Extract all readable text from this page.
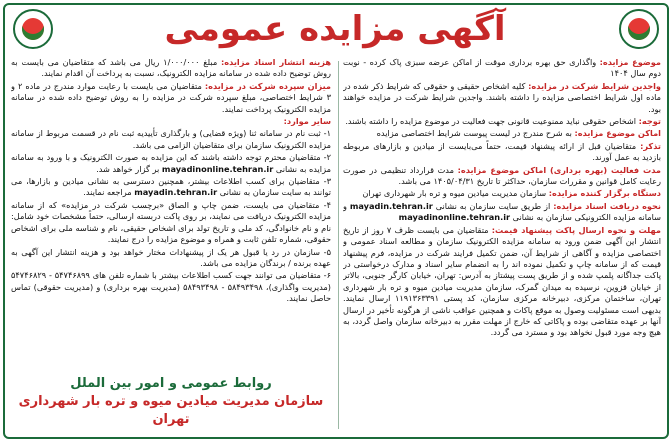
آگهی مزایده عمومی

موضوع مزایده: واگذاری حق بهره برداری موقت از اماکن عرضه سبزی پاک کرده - نوبت دوم سال ۱۴۰۴

واجدین شرایط شرکت در مزایده: کلیه اشخاص حقیقی و حقوقی که شرایط ذکر شده در ماده اول شرایط اختصاصی مزایده را داشته باشند. واجدین شرایط شرکت در مزایده خواهند بود.

توجه: اشخاص حقوقی نباید ممنوعیت قانونی جهت فعالیت در موضوع مزایده را داشته باشند.

اماکن موضوع مزایده: به شرح مندرج در لیست پیوست شرایط اختصاصی مزایده

تذکر: متقاضیان قبل از ارائه پیشنهاد قیمت، حتماً می‌بایست از میادین و بازارهای مربوطه بازدید به عمل آورند.

مدت فعالیت (بهره برداری) اماکن موضوع مزایده: مدت قرارداد تنظیمی در صورت رعایت کامل قوانین و مقررات سازمان، حداکثر تا تاریخ ۱۴۰۵/۰۴/۳۱ می باشد.

دستگاه برگزار کننده مزایده: سازمان مدیریت میادین میوه و تره بار شهرداری تهران

نحوه دریافت اسناد مزایده: از طریق سایت سازمان به نشانی mayadin.tehran.ir و سامانه مزایده الکترونیکی سازمان به نشانی mayadinonline.tehran.ir

مهلت و نحوه ارسال پاکت پیشنهاد قیمت: متقاضیان می بایست ظرف ۷ روز از تاریخ انتشار این آگهی ضمن ورود به سامانه مزایده الکترونیک سازمان و مطالعه اسناد عمومی و اختصاصی مزایده و آگاهی از شرایط آن، ضمن تکمیل فرایند شرکت در مزایده، فرم پیشنهاد قیمت که از سامانه چاپ و تکمیل نموده اند را به انضمام سایر اسناد و مدارک درخواستی در پاکت جداگانه پلمپ شده و از طریق پست پیشتاز به آدرس: تهران، خیابان کارگر جنوبی، بالاتر از خیابان قزوین، نرسیده به میدان گمرک، سازمان مدیریت میادین میوه و تره بار شهرداری تهران، ساختمان مرکزی، دبیرخانه مرکزی سازمان، کد پستی ۱۱۹۱۳۶۳۳۹۱ ارسال نمایند. بدیهی است مسئولیت وصول به موقع پاکات و همچنین عواقب ناشی از هرگونه تأخیر در ارسال آنها بر عهده متقاضی بوده و پاکاتی که خارج از مهلت مقرر به دبیرخانه سازمان واصل گردد، به هیچ وجه مورد قبول نخواهد بود و مسترد می گردد.

هزینه انتشار اسناد مزایده: مبلغ ۱/۰۰۰/۰۰۰ ریال می باشد که متقاضیان می بایست به روش توضیح داده شده در سامانه مزایده الکترونیک، نسبت به پرداخت آن اقدام نمایند.

میزان سپرده شرکت در مزایده: متقاضیان می بایست با رعایت موارد مندرج در ماده ۲ و ۳ شرایط اختصاصی، مبلغ سپرده شرکت در مزایده را به روش توضیح داده شده در سامانه مزایده الکترونیک پرداخت نمایند.

سایر موارد:

۱- ثبت نام در سامانه ثنا (ویژه قضایی) و بارگذاری تأییدیه ثبت نام در قسمت مربوط از سامانه مزایده الکترونیک سازمان برای متقاضیان الزامی می باشد.

۲- متقاضیان محترم توجه داشته باشند که این مزایده به صورت الکترونیک و با ورود به سامانه مزایده به نشانی mayadinonline.tehran.ir بر گزار خواهد شد.

۳- متقاضیان برای کسب اطلاعات بیشتر، همچنین دسترسی به نشانی میادین و بازارها، می توانند به سایت سازمان به نشانی mayadin.tehran.ir مراجعه نمایند.

۴- متقاضیان می بایست، ضمن چاپ و الصاق «برچسب شرکت در مزایده» که از سامانه مزایده الکترونیک دریافت می نمایند، بر روی پاکت دربسته ارسالی، حتماً مشخصات خود شامل: نام و نام خانوادگی، کد ملی و تاریخ تولد برای اشخاص حقیقی، نام و شناسه ملی برای اشخاص حقوقی، شماره تلفن ثابت و همراه و موضوع مزایده را درج نمایند.

۵- سازمان در رد یا قبول هر یک از پیشنهادات مختار خواهد بود و هزینه انتشار این آگهی به عهده برنده / برندگان مزایده می باشد.

۶- متقاضیان می توانند جهت کسب اطلاعات بیشتر با شماره تلفن های ۵۴۷۴۶۸۹۹ - ۵۴۷۴۶۸۲۹ (مدیریت واگذاری)، ۵۸۴۹۳۴۹۸ - ۵۸۴۹۳۴۹۸ (مدیریت بهره برداری) و (مدیریت حقوقی) تماس حاصل نمایند.

روابط عمومی و امور بین الملل
سازمان مدیریت میادین میوه و تره بار شهرداری تهران
